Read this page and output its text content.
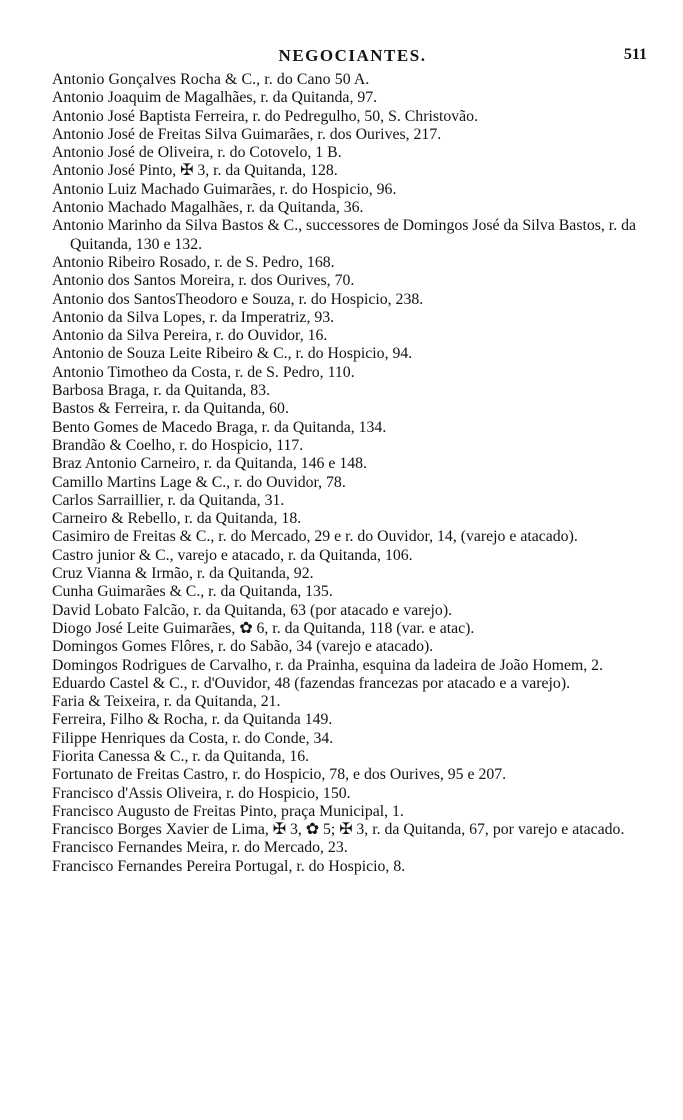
NEGOCIANTES.	511
Antonio Gonçalves Rocha & C., r. do Cano 50 A.
Antonio Joaquim de Magalhães, r. da Quitanda, 97.
Antonio José Baptista Ferreira, r. do Pedregulho, 50, S. Christovão.
Antonio José de Freitas Silva Guimarães, r. dos Ourives, 217.
Antonio José de Oliveira, r. do Cotovelo, 1 B.
Antonio José Pinto, ✠ 3, r. da Quitanda, 128.
Antonio Luiz Machado Guimarães, r. do Hospicio, 96.
Antonio Machado Magalhães, r. da Quitanda, 36.
Antonio Marinho da Silva Bastos & C., successores de Domingos José da Silva Bastos, r. da Quitanda, 130 e 132.
Antonio Ribeiro Rosado, r. de S. Pedro, 168.
Antonio dos Santos Moreira, r. dos Ourives, 70.
Antonio dos SantosTheodoro e Souza, r. do Hospicio, 238.
Antonio da Silva Lopes, r. da Imperatriz, 93.
Antonio da Silva Pereira, r. do Ouvidor, 16.
Antonio de Souza Leite Ribeiro & C., r. do Hospicio, 94.
Antonio Timotheo da Costa, r. de S. Pedro, 110.
Barbosa Braga, r. da Quitanda, 83.
Bastos & Ferreira, r. da Quitanda, 60.
Bento Gomes de Macedo Braga, r. da Quitanda, 134.
Brandão & Coelho, r. do Hospicio, 117.
Braz Antonio Carneiro, r. da Quitanda, 146 e 148.
Camillo Martins Lage & C., r. do Ouvidor, 78.
Carlos Sarraillier, r. da Quitanda, 31.
Carneiro & Rebello, r. da Quitanda, 18.
Casimiro de Freitas & C., r. do Mercado, 29 e r. do Ouvidor, 14, (varejo e atacado).
Castro junior & C., varejo e atacado, r. da Quitanda, 106.
Cruz Vianna & Irmão, r. da Quitanda, 92.
Cunha Guimarães & C., r. da Quitanda, 135.
David Lobato Falcão, r. da Quitanda, 63 (por atacado e varejo).
Diogo José Leite Guimarães, ✿ 6, r. da Quitanda, 118 (var. e atac).
Domingos Gomes Flôres, r. do Sabão, 34 (varejo e atacado).
Domingos Rodrigues de Carvalho, r. da Prainha, esquina da ladeira de João Homem, 2.
Eduardo Castel & C., r. d'Ouvidor, 48 (fazendas francezas por atacado e a varejo).
Faria & Teixeira, r. da Quitanda, 21.
Ferreira, Filho & Rocha, r. da Quitanda 149.
Filippe Henriques da Costa, r. do Conde, 34.
Fiorita Canessa & C., r. da Quitanda, 16.
Fortunato de Freitas Castro, r. do Hospicio, 78, e dos Ourives, 95 e 207.
Francisco d'Assis Oliveira, r. do Hospicio, 150.
Francisco Augusto de Freitas Pinto, praça Municipal, 1.
Francisco Borges Xavier de Lima, ✠ 3, ✿ 5; ✠ 3, r. da Quitanda, 67, por varejo e atacado.
Francisco Fernandes Meira, r. do Mercado, 23.
Francisco Fernandes Pereira Portugal, r. do Hospicio, 8.
